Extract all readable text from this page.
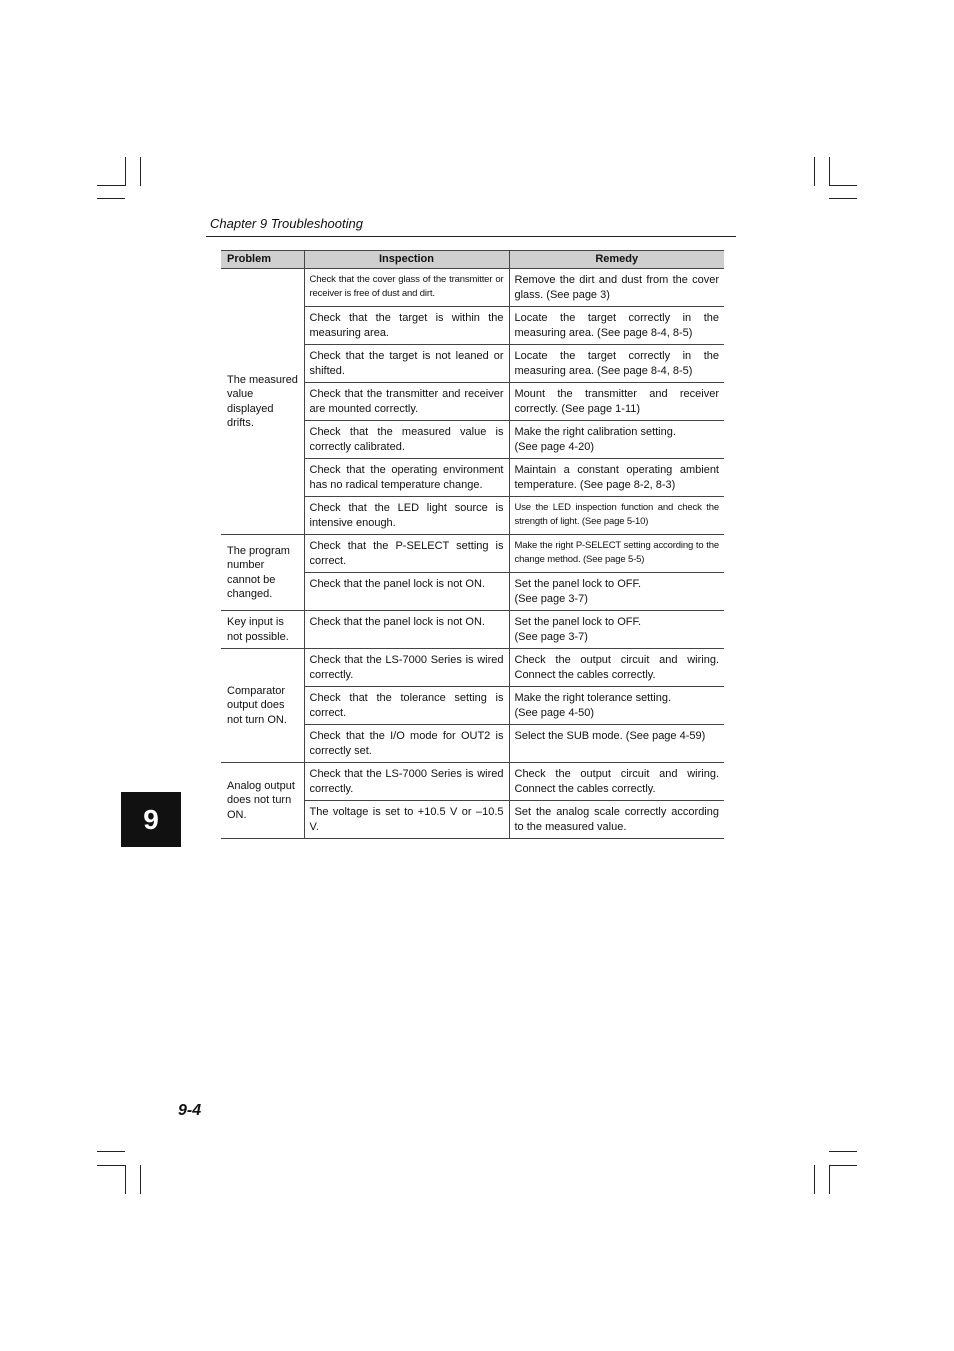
Chapter 9 Troubleshooting
Problem	Inspection	Remedy
The measured value displayed drifts.	Check that the cover glass of the transmitter or receiver is free of dust and dirt.	Remove the dirt and dust from the cover glass. (See page 3)
	Check that the target is within the measuring area.	Locate the target correctly in the measuring area. (See page 8-4, 8-5)
	Check that the target is not leaned or shifted.	Locate the target correctly in the measuring area. (See page 8-4, 8-5)
	Check that the transmitter and receiver are mounted correctly.	Mount the transmitter and receiver correctly. (See page 1-11)
	Check that the measured value is correctly calibrated.	Make the right calibration setting.
(See page 4-20)
	Check that the operating environment has no radical temperature change.	Maintain a constant operating ambient temperature. (See page 8-2, 8-3)
	Check that the LED light source is intensive enough.	Use the LED inspection function and check the strength of light. (See page 5-10)
The program number cannot be changed.	Check that the P-SELECT setting is correct.	Make the right P-SELECT setting according to the change method. (See page 5-5)
	Check that the panel lock is not ON.	Set the panel lock to OFF.
(See page 3-7)
Key input is not possible.	Check that the panel lock is not ON.	Set the panel lock to OFF.
(See page 3-7)
Comparator output does not turn ON.	Check that the LS-7000 Series is wired correctly.	Check the output circuit and wiring. Connect the cables correctly.
	Check that the tolerance setting is correct.	Make the right tolerance setting.
(See page 4-50)
	Check that the I/O mode for OUT2 is correctly set.	Select the SUB mode. (See page 4-59)
Analog output does not turn ON.	Check that the LS-7000 Series is wired correctly.	Check the output circuit and wiring. Connect the cables correctly.
	The voltage is set to +10.5 V or –10.5 V.	Set the analog scale correctly according to the measured value.
9
9-4
